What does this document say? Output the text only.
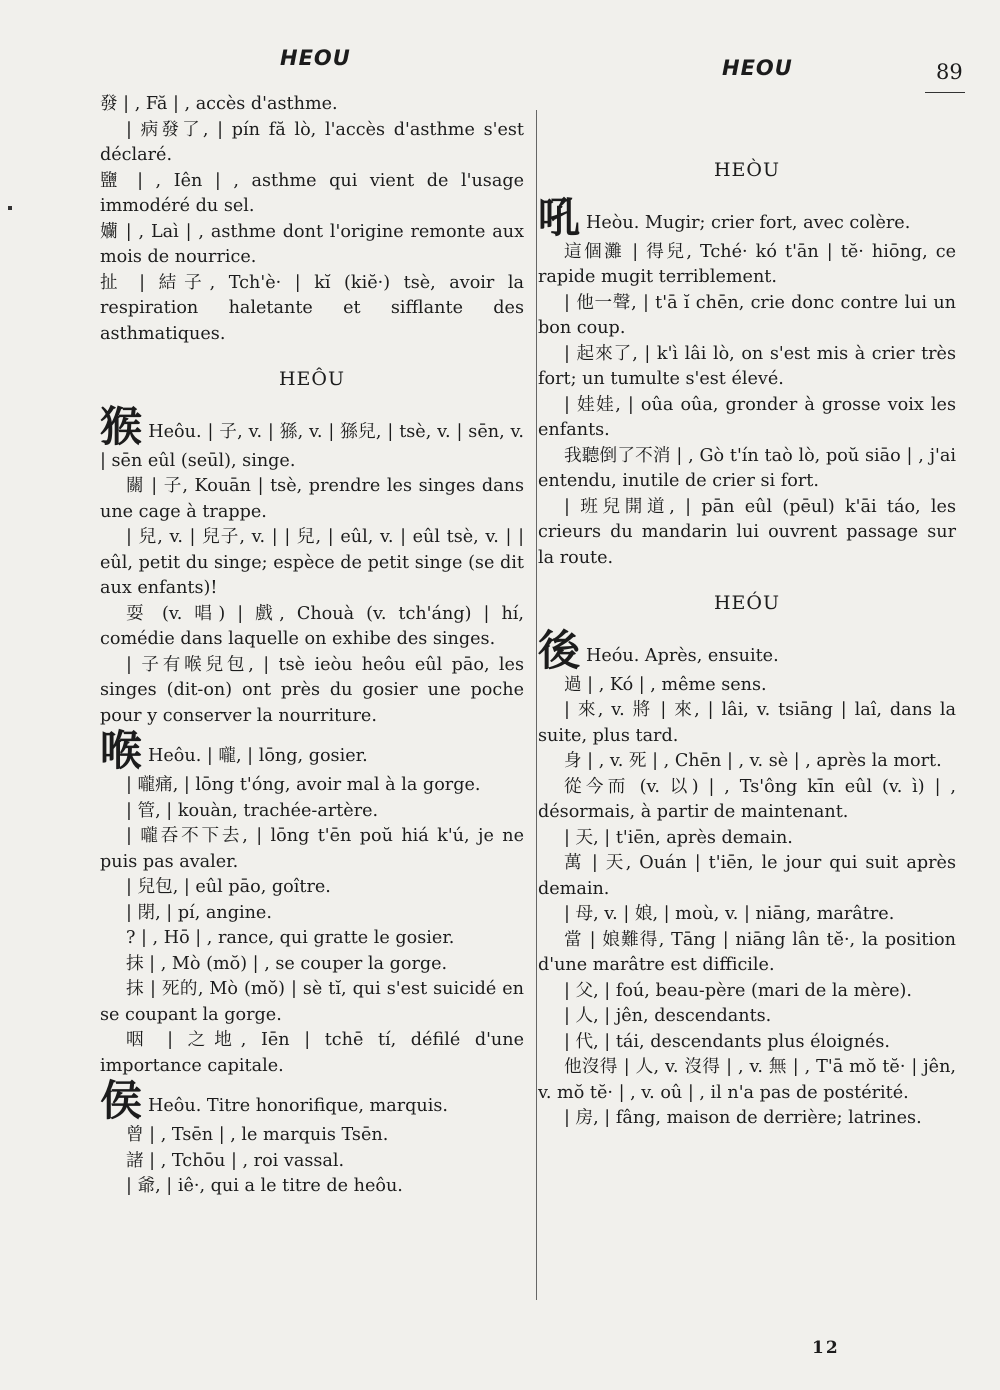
HEOU	HEOU	89

發 | , Fă | , accès d'asthme.

| 病發了, | pín fă lò, l'accès d'asthme s'est déclaré.

鹽 | , Iên | , asthme qui vient de l'usage immodéré du sel.

孏 | , Laì | , asthme dont l'origine remonte aux mois de nourrice.

扯 | 結子, Tch'è· | kĭ (kiĕ·) tsè, avoir la respiration haletante et sifflante des asthmatiques.

HEÔU

猴 Heôu. | 子, v. | 猻, v. | 猻兒, | tsè, v. | sēn, v. | sēn eûl (seūl), singe.

關 | 子, Kouān | tsè, prendre les singes dans une cage à trappe.

| 兒, v. | 兒子, v. | | 兒, | eûl, v. | eûl tsè, v. | | eûl, petit du singe; espèce de petit singe (se dit aux enfants)!

耍 (v. 唱) | 戲, Chouà (v. tch'áng) | hí, comédie dans laquelle on exhibe des singes.

| 子有喉兒包, | tsè ieòu heôu eûl pāo, les singes (dit-on) ont près du gosier une poche pour y conserver la nourriture.

喉 Heôu. | 嚨, | lōng, gosier.

| 嚨痛, | lōng t'óng, avoir mal à la gorge.

| 管, | kouàn, trachée-artère.

| 嚨吞不下去, | lōng t'ēn poŭ hiá k'ú, je ne puis pas avaler.

| 兒包, | eûl pāo, goître.

| 閉, | pí, angine.

? | , Hō | , rance, qui gratte le gosier.

抹 | , Mò (mŏ) | , se couper la gorge.

抹 | 死的, Mò (mŏ) | sè tĭ, qui s'est suicidé en se coupant la gorge.

咽 | 之地, Iēn | tchē tí, défilé d'une importance capitale.

侯 Heôu. Titre honorifique, marquis.

曾 | , Tsēn | , le marquis Tsēn.

諸 | , Tchōu | , roi vassal.

| 爺, | iê·, qui a le titre de heôu.

HEÒU

吼 Heòu. Mugir; crier fort, avec colère.

這個灘 | 得兒, Tché· kó t'ān | tĕ· hiōng, ce rapide mugit terriblement.

| 他一聲, | t'ā ĭ chēn, crie donc contre lui un bon coup.

| 起來了, | k'ì lâi lò, on s'est mis à crier très fort; un tumulte s'est élevé.

| 娃娃, | oûa oûa, gronder à grosse voix les enfants.

我聽倒了不消 | , Gò t'ín taò lò, poŭ siāo | , j'ai entendu, inutile de crier si fort.

| 班兒開道, | pān eûl (pēul) k'āi táo, les crieurs du mandarin lui ouvrent passage sur la route.

HEÓU

後 Heóu. Après, ensuite.

過 | , Kó | , même sens.

| 來, v. 將 | 來, | lâi, v. tsiāng | laî, dans la suite, plus tard.

身 | , v. 死 | , Chēn | , v. sè | , après la mort.

從今而 (v. 以) | , Ts'ông kīn eûl (v. ì) | , désormais, à partir de maintenant.

| 天, | t'iēn, après demain.

萬 | 天, Ouán | t'iēn, le jour qui suit après demain.

| 母, v. | 娘, | moù, v. | niāng, marâtre.

當 | 娘難得, Tāng | niāng lân tĕ·, la position d'une marâtre est difficile.

| 父, | foú, beau-père (mari de la mère).

| 人, | jên, descendants.

| 代, | tái, descendants plus éloignés.

他沒得 | 人, v. 沒得 | , v. 無 | , T'ā mŏ tĕ· | jên, v. mŏ tĕ· | , v. oû | , il n'a pas de postérité.

| 房, | fâng, maison de derrière; latrines.

12
